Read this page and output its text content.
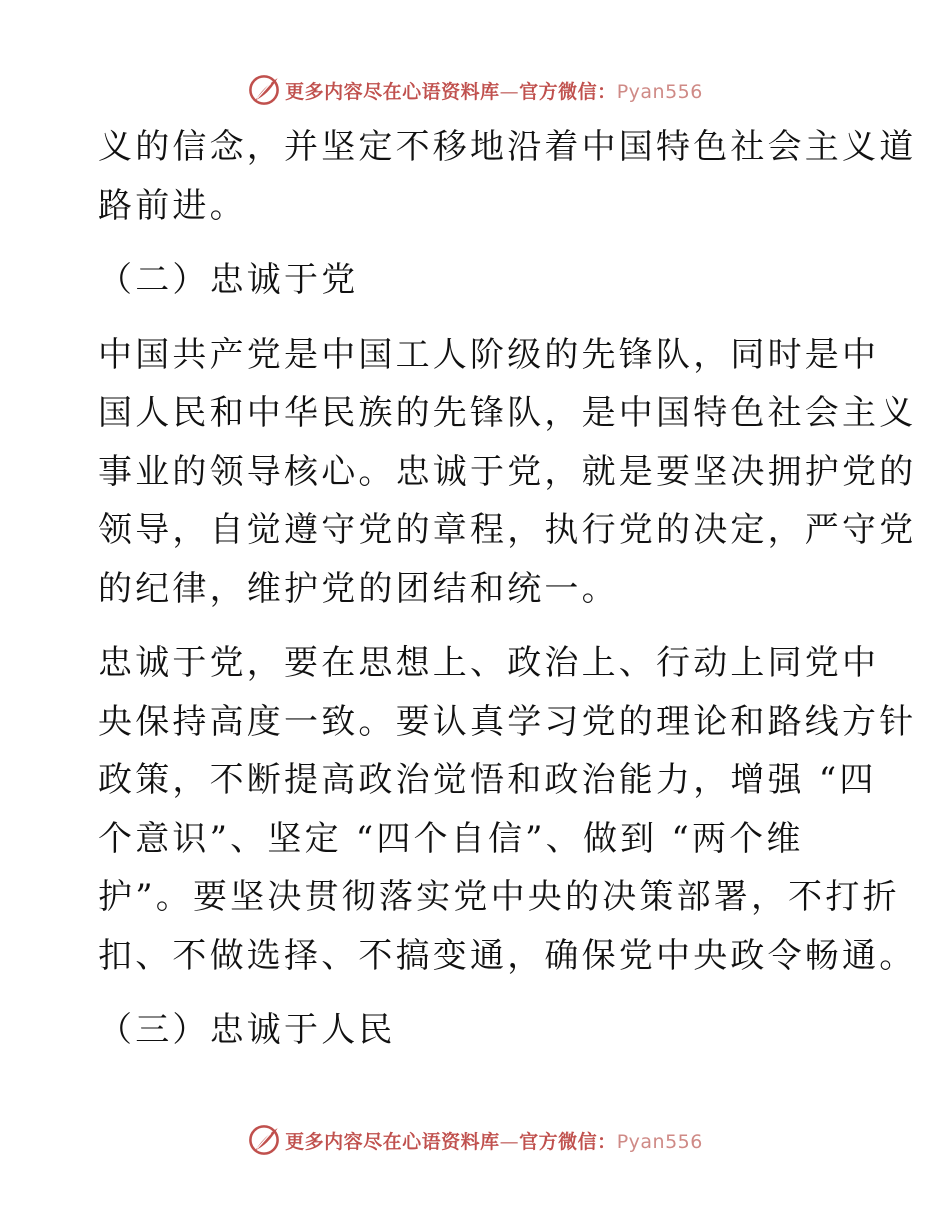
更多内容尽在心语资料库—官方微信：Pyan556

义的信念，并坚定不移地沿着中国特色社会主义道
路前进。

（二）忠诚于党

中国共产党是中国工人阶级的先锋队，同时是中
国人民和中华民族的先锋队，是中国特色社会主义
事业的领导核心。忠诚于党，就是要坚决拥护党的
领导，自觉遵守党的章程，执行党的决定，严守党
的纪律，维护党的团结和统一。

忠诚于党，要在思想上、政治上、行动上同党中
央保持高度一致。要认真学习党的理论和路线方针
政策，不断提高政治觉悟和政治能力，增强 “四
个意识”、坚定 “四个自信”、做到 “两个维
护”。要坚决贯彻落实党中央的决策部署，不打折
扣、不做选择、不搞变通，确保党中央政令畅通。

（三）忠诚于人民

更多内容尽在心语资料库—官方微信：Pyan556
